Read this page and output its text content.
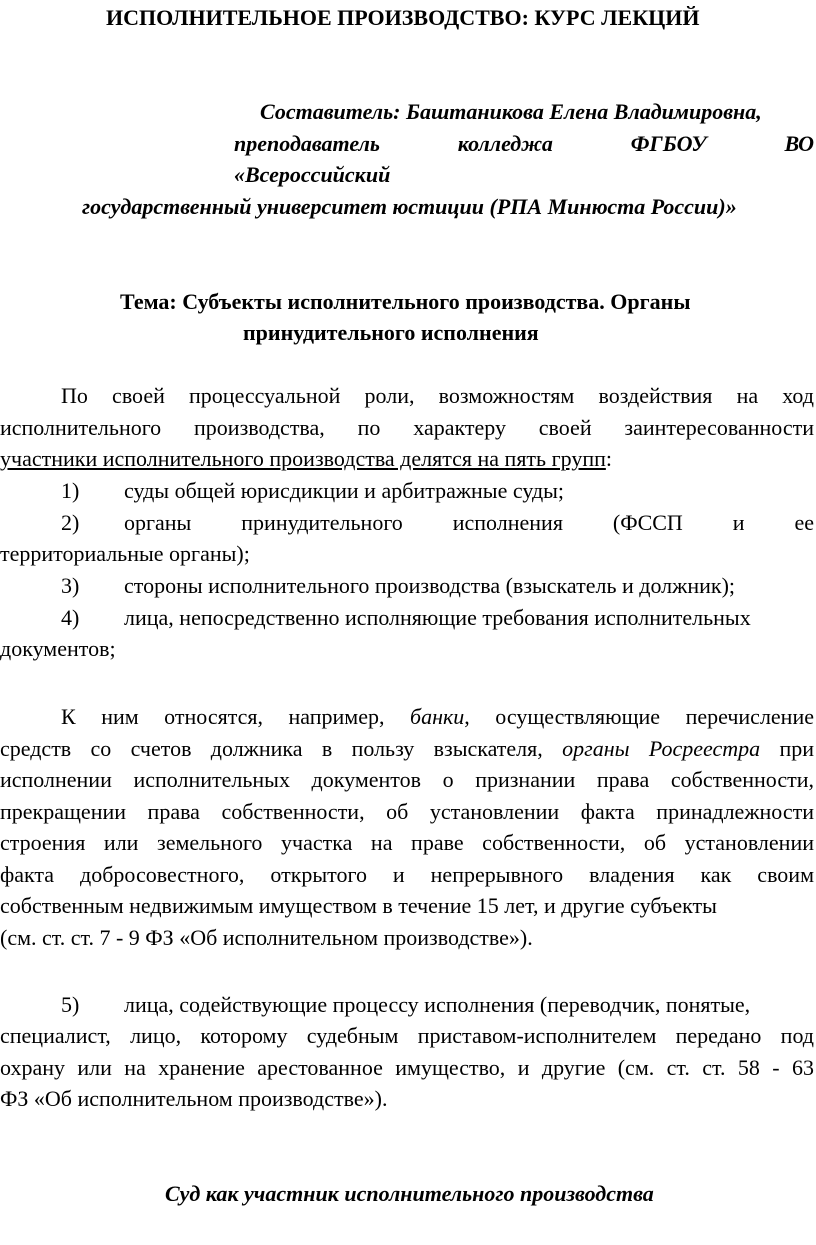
ИСПОЛНИТЕЛЬНОЕ ПРОИЗВОДСТВО: КУРС ЛЕКЦИЙ
Составитель: Баштаникова Елена Владимировна,
преподаватель	колледжа	ФГБОУ	ВО
«Всероссийский
государственный университет юстиции (РПА Минюста России)»
Тема: Субъекты исполнительного производства. Органы
принудительного исполнения
По своей процессуальной роли, возможностям воздействия на ход
исполнительного производства, по характеру своей заинтересованности
участники исполнительного производства делятся на пять групп:
1) суды общей юрисдикции и арбитражные суды;
2) органы принудительного исполнения (ФССП и ее
территориальные органы);
3) стороны исполнительного производства (взыскатель и должник);
4) лица, непосредственно исполняющие требования исполнительных
документов;
К ним относятся, например, банки, осуществляющие перечисление
средств со счетов должника в пользу взыскателя, органы Росреестра при
исполнении исполнительных документов о признании права собственности,
прекращении права собственности, об установлении факта принадлежности
строения или земельного участка на праве собственности, об установлении
факта добросовестного, открытого и непрерывного владения как своим
собственным недвижимым имуществом в течение 15 лет, и другие субъекты
(см. ст. ст. 7 - 9 ФЗ «Об исполнительном производстве»).
5) лица, содействующие процессу исполнения (переводчик, понятые,
специалист, лицо, которому судебным приставом-исполнителем передано под
охрану или на хранение арестованное имущество, и другие (см. ст. ст. 58 - 63
ФЗ «Об исполнительном производстве»).
Суд как участник исполнительного производства
